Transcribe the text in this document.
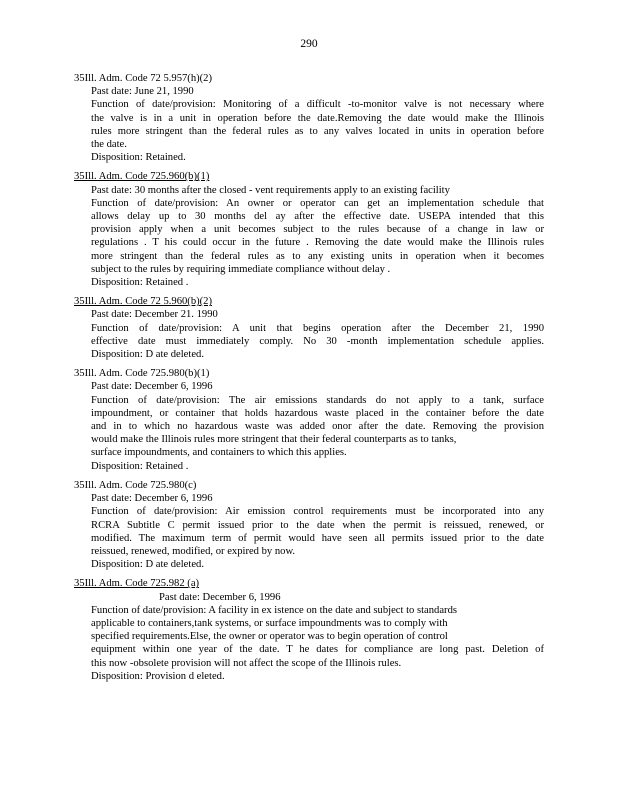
290
35Ill. Adm. Code 72 5.957(h)(2)
Past date: June 21, 1990
Function of date/provision: Monitoring of a difficult -to-monitor valve is not necessary where
the valve is in a unit in operation before the date.Removing the date would make the Illinois
rules more stringent than the federal rules as to any valves located in units in operation before
the date.
Disposition: Retained.
35Ill. Adm. Code 725.960(b)(1)
Past date: 30 months after the closed - vent requirements apply to an existing facility
Function of date/provision: An owner or operator can get an implementation schedule that
allows delay up to 30 months del ay after the effective date. USEPA intended that this
provision apply when a unit becomes subject to the rules because of a change in law or
regulations . T his could occur in the future . Removing the date would make the Illinois rules
more stringent than the federal rules as to any existing units in operation when it becomes
subject to the rules by requiring immediate compliance without delay .
Disposition: Retained .
35Ill. Adm. Code 72 5.960(b)(2)
Past date: December 21. 1990
Function of date/provision: A unit that begins operation after the December 21, 1990
effective date must immediately comply. No 30 -month implementation schedule applies.
Disposition: D ate deleted.
35Ill. Adm. Code 725.980(b)(1)
Past date: December 6, 1996
Function of date/provision: The air emissions standards do not apply to a tank, surface
impoundment, or container that holds hazardous waste placed in the container before the date
and in to which no hazardous waste was added onor after the date. Removing the provision
would make the Illinois rules more stringent that their federal counterparts as to tanks,
surface impoundments, and containers to which this applies.
Disposition: Retained .
35Ill. Adm. Code 725.980(c)
Past date: December 6, 1996
Function of date/provision: Air emission control requirements must be incorporated into any
RCRA Subtitle C permit issued prior to the date when the permit is reissued, renewed, or
modified. The maximum term of permit would have seen all permits issued prior to the date
reissued, renewed, modified, or expired by now.
Disposition: D ate deleted.
35Ill. Adm. Code 725.982 (a)
Past date: December 6, 1996
Function of date/provision: A facility in ex istence on the date and subject to standards
applicable to containers,tank systems, or surface impoundments was to comply with
specified requirements.Else, the owner or operator was to begin operation of control
equipment within one year of the date. T he dates for compliance are long past. Deletion of
this now -obsolete provision will not affect the scope of the Illinois rules.
Disposition: Provision d eleted.
